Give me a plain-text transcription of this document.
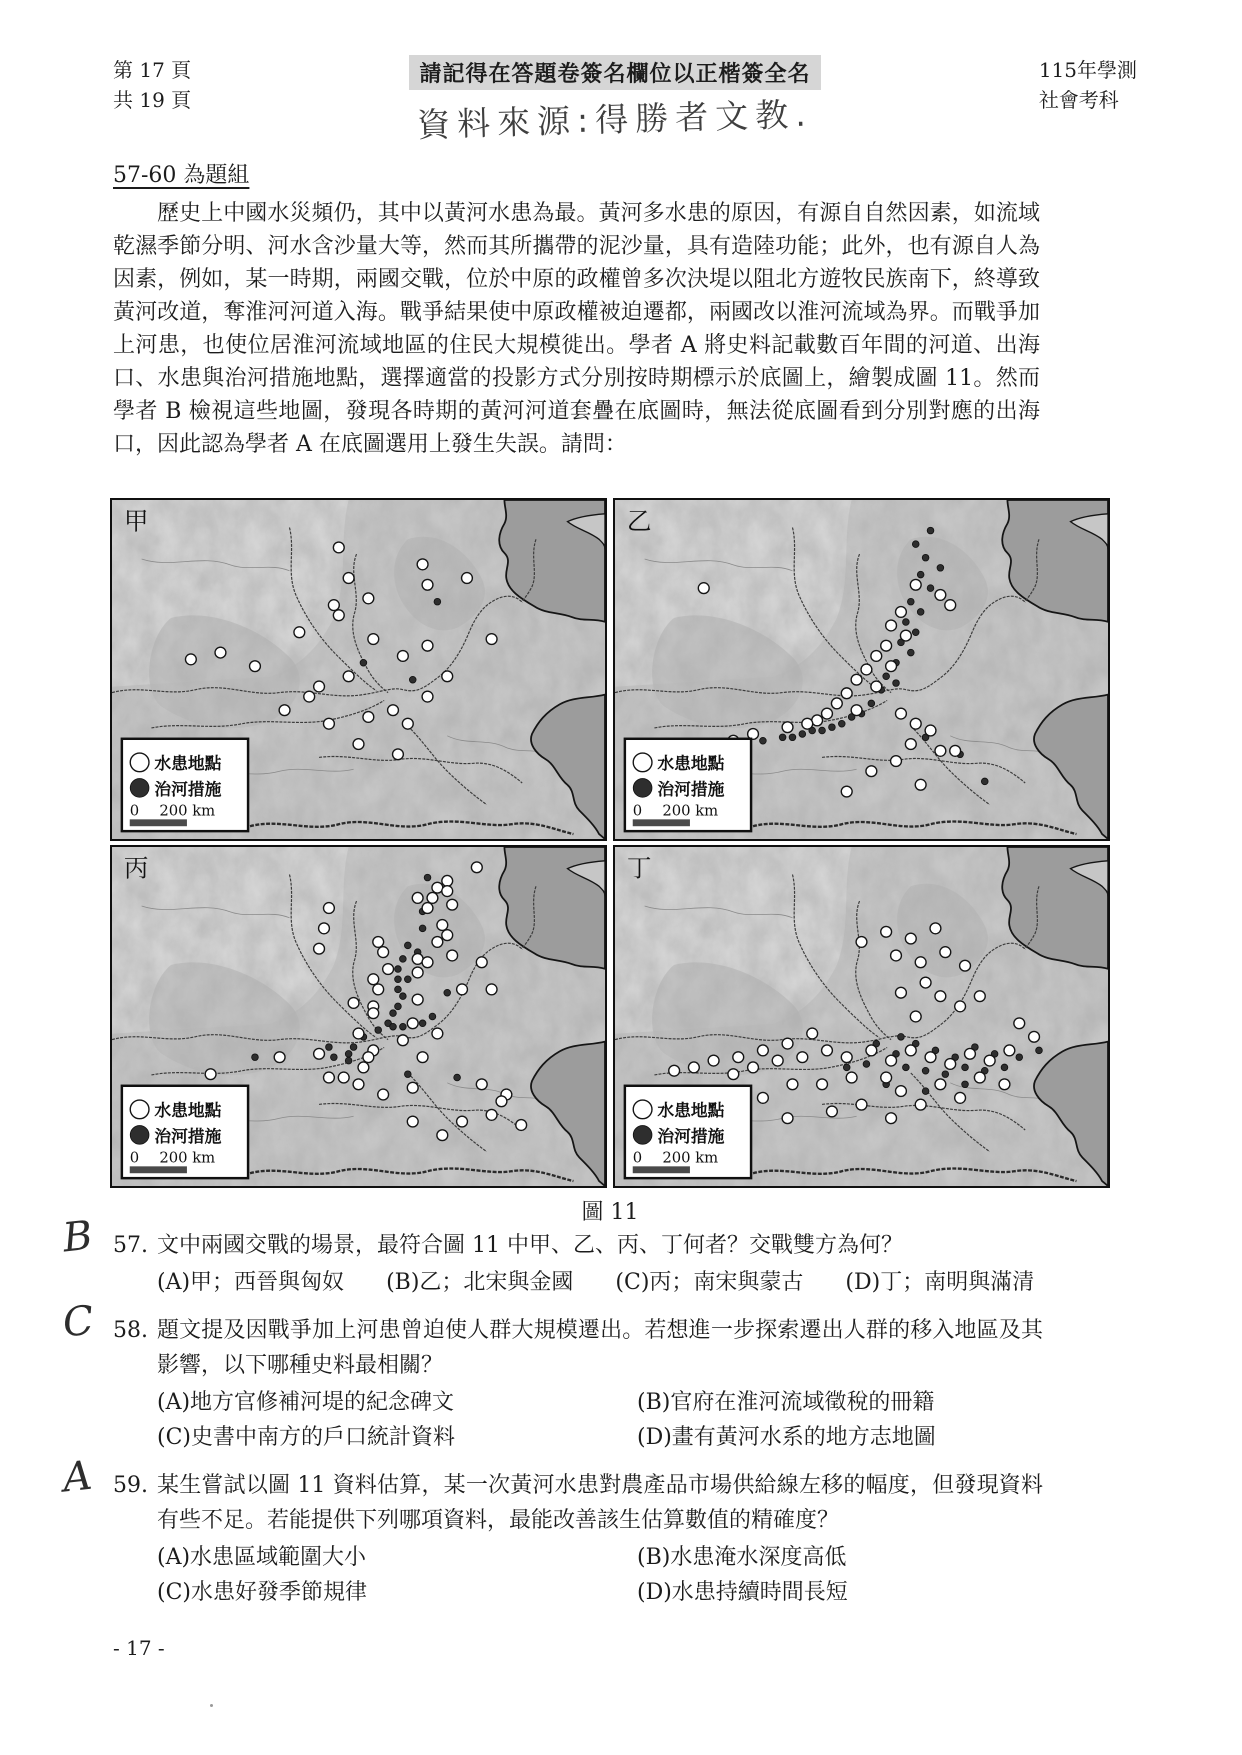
第 17 頁
共 19 頁
請記得在答題卷簽名欄位以正楷簽全名
資料來源:得勝者文教.
115年學測
社會考科
57-60 為題組
歷史上中國水災頻仍，其中以黃河水患為最。黃河多水患的原因，有源自自然因素，如流域乾濕季節分明、河水含沙量大等，然而其所攜帶的泥沙量，具有造陸功能；此外，也有源自人為因素，例如，某一時期，兩國交戰，位於中原的政權曾多次決堤以阻北方遊牧民族南下，終導致黃河改道，奪淮河河道入海。戰爭結果使中原政權被迫遷都，兩國改以淮河流域為界。而戰爭加上河患，也使位居淮河流域地區的住民大規模徙出。學者 A 將史料記載數百年間的河道、出海口、水患與治河措施地點，選擇適當的投影方式分別按時期標示於底圖上，繪製成圖 11。然而學者 B 檢視這些地圖，發現各時期的黃河河道套疊在底圖時，無法從底圖看到分別對應的出海口，因此認為學者 A 在底圖選用上發生失誤。請問：
甲
水患地點
治河措施
0 200 km
乙
水患地點
治河措施
0 200 km
丙
水患地點
治河措施
0 200 km
丁
水患地點
治河措施
0 200 km
圖 11
B 57. 文中兩國交戰的場景，最符合圖 11 中甲、乙、丙、丁何者？交戰雙方為何？
(A)甲；西晉與匈奴 (B)乙；北宋與金國 (C)丙；南宋與蒙古 (D)丁；南明與滿清
C 58. 題文提及因戰爭加上河患曾迫使人群大規模遷出。若想進一步探索遷出人群的移入地區及其影響，以下哪種史料最相關？
(A)地方官修補河堤的紀念碑文	(B)官府在淮河流域徵稅的冊籍
(C)史書中南方的戶口統計資料	(D)畫有黃河水系的地方志地圖
A 59. 某生嘗試以圖 11 資料估算，某一次黃河水患對農產品市場供給線左移的幅度，但發現資料有些不足。若能提供下列哪項資料，最能改善該生估算數值的精確度？
(A)水患區域範圍大小	(B)水患淹水深度高低
(C)水患好發季節規律	(D)水患持續時間長短
- 17 -
